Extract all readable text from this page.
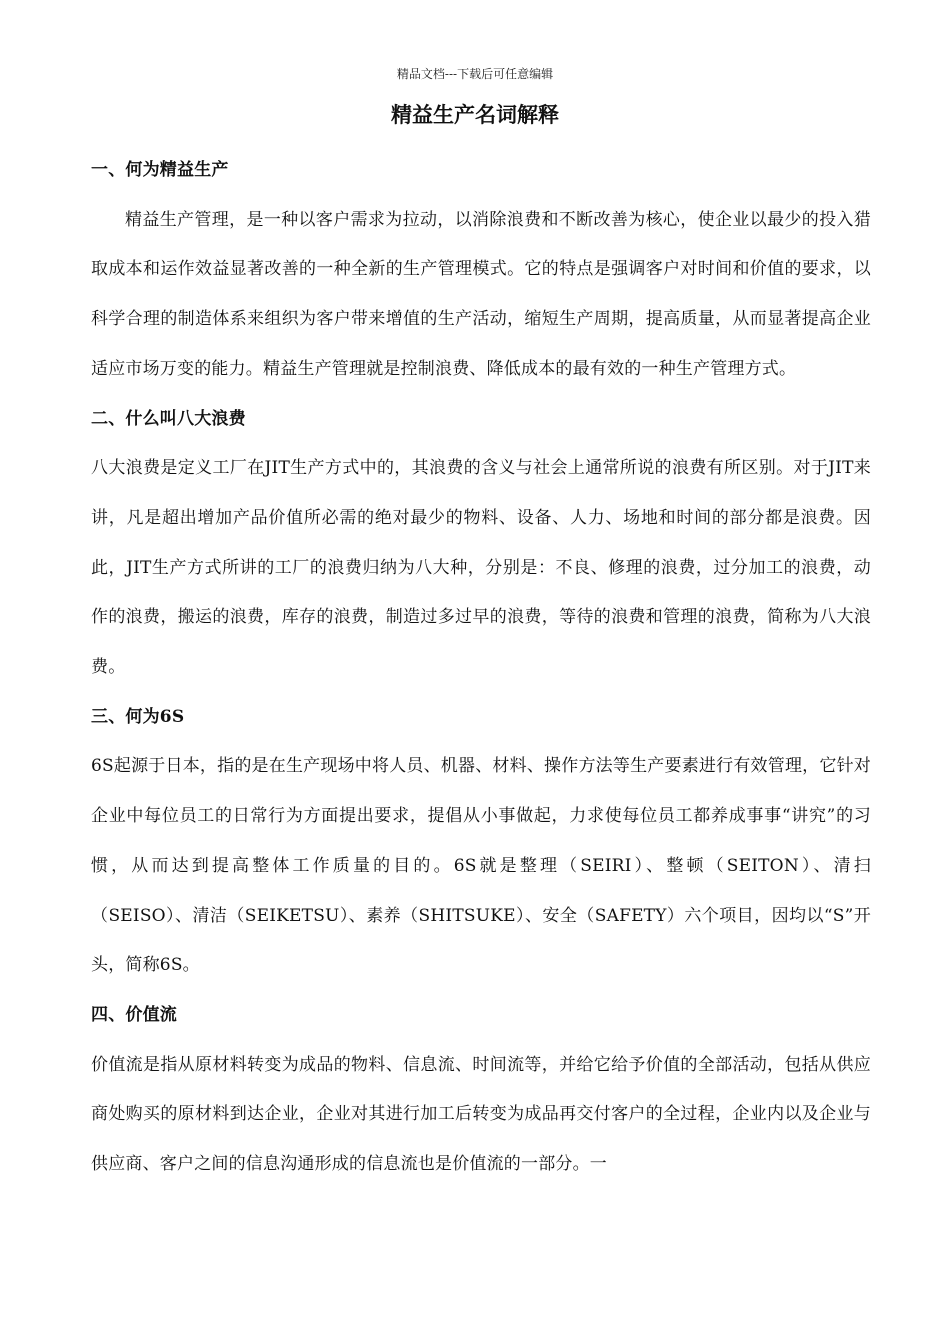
精品文档---下载后可任意编辑
精益生产名词解释
一、何为精益生产

精益生产管理，是一种以客户需求为拉动，以消除浪费和不断改善为核心，使企业以最少的投入猎取成本和运作效益显著改善的一种全新的生产管理模式。它的特点是强调客户对时间和价值的要求，以科学合理的制造体系来组织为客户带来增值的生产活动，缩短生产周期，提高质量，从而显著提高企业适应市场万变的能力。精益生产管理就是控制浪费、降低成本的最有效的一种生产管理方式。

二、什么叫八大浪费

八大浪费是定义工厂在JIT生产方式中的，其浪费的含义与社会上通常所说的浪费有所区别。对于JIT来讲，凡是超出增加产品价值所必需的绝对最少的物料、设备、人力、场地和时间的部分都是浪费。因此，JIT生产方式所讲的工厂的浪费归纳为八大种，分别是：不良、修理的浪费，过分加工的浪费，动作的浪费，搬运的浪费，库存的浪费，制造过多过早的浪费，等待的浪费和管理的浪费，简称为八大浪费。

三、何为6S

6S起源于日本，指的是在生产现场中将人员、机器、材料、操作方法等生产要素进行有效管理，它针对企业中每位员工的日常行为方面提出要求，提倡从小事做起，力求使每位员工都养成事事“讲究”的习惯，从而达到提高整体工作质量的目的。6S就是整理（SEIRI）、整顿（SEITON）、清扫（SEISO）、清洁（SEIKETSU）、素养（SHITSUKE）、安全（SAFETY）六个项目，因均以“S”开头，简称6S。

四、价值流

价值流是指从原材料转变为成品的物料、信息流、时间流等，并给它给予价值的全部活动，包括从供应商处购买的原材料到达企业，企业对其进行加工后转变为成品再交付客户的全过程，企业内以及企业与供应商、客户之间的信息沟通形成的信息流也是价值流的一部分。一
